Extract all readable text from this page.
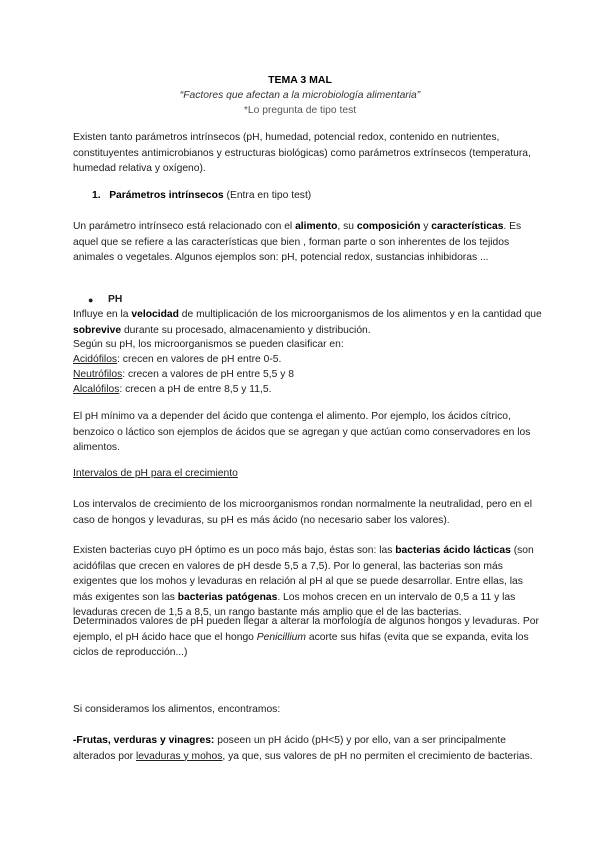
TEMA 3 MAL

“Factores que afectan a la microbiología alimentaria”

*Lo pregunta de tipo test

Existen tanto parámetros intrínsecos (pH, humedad, potencial redox, contenido en nutrientes, constituyentes antimicrobianos y estructuras biológicas) como parámetros extrínsecos (temperatura, humedad relativa y oxígeno).

1. Parámetros intrínsecos (Entra en tipo test)

Un parámetro intrínseco está relacionado con el alimento, su composición y características. Es aquel que se refiere a las características que bien , forman parte o son inherentes de los tejidos animales o vegetales. Algunos ejemplos son: pH, potencial redox, sustancias inhibidoras ...

● PH

Influye en la velocidad de multiplicación de los microorganismos de los alimentos y en la cantidad que sobrevive durante su procesado, almacenamiento y distribución.

Según su pH, los microorganismos se pueden clasificar en:

Acidófilos: crecen en valores de pH entre 0-5.

Neutrófilos: crecen a valores de pH entre 5,5 y 8

Alcalófilos: crecen a pH de entre 8,5 y 11,5.

El pH mínimo va a depender del ácido que contenga el alimento. Por ejemplo, los ácidos cítrico, benzoico o láctico son ejemplos de ácidos que se agregan y que actúan como conservadores en los alimentos.

Intervalos de pH para el crecimiento

Los intervalos de crecimiento de los microorganismos rondan normalmente la neutralidad, pero en el caso de hongos y levaduras, su pH es más ácido (no necesario saber los valores).

Existen bacterias cuyo pH óptimo es un poco más bajo, éstas son: las bacterias ácido lácticas (son acidófilas que crecen en valores de pH desde 5,5 a 7,5). Por lo general, las bacterias son más exigentes que los mohos y levaduras en relación al pH al que se puede desarrollar. Entre ellas, las más exigentes son las bacterias patógenas. Los mohos crecen en un intervalo de 0,5 a 11 y las levaduras crecen de 1,5 a 8,5, un rango bastante más amplio que el de las bacterias.

Determinados valores de pH pueden llegar a alterar la morfología de algunos hongos y levaduras. Por ejemplo, el pH ácido hace que el hongo Penicillium acorte sus hifas (evita que se expanda, evita los ciclos de reproducción...)

Si consideramos los alimentos, encontramos:

-Frutas, verduras y vinagres: poseen un pH ácido (pH<5) y por ello, van a ser principalmente alterados por levaduras y mohos, ya que, sus valores de pH no permiten el crecimiento de bacterias.
